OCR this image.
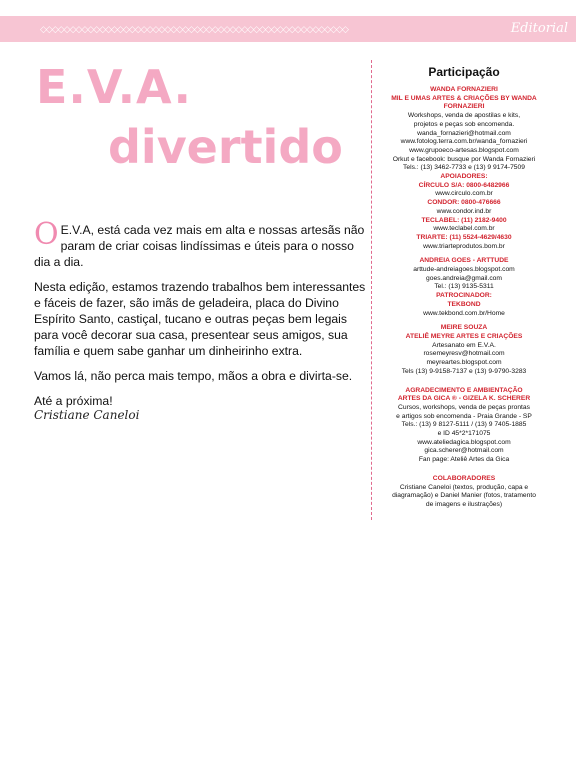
◇◇◇◇◇◇◇◇◇◇◇◇◇◇◇◇◇◇◇◇◇◇◇◇◇◇◇◇◇◇◇◇◇◇◇◇◇◇◇◇◇◇◇◇◇◇◇◇◇◇◇◇	Editorial
E.V.A.
divertido

O E.V.A, está cada vez mais em alta e nossas artesãs não param de criar coisas lindíssimas e úteis para o nosso dia a dia.

Nesta edição, estamos trazendo trabalhos bem interessantes e fáceis de fazer, são imãs de geladeira, placa do Divino Espírito Santo, castiçal, tucano e outras peças bem legais para você decorar sua casa, presentear seus amigos, sua família e quem sabe ganhar um dinheirinho extra.

Vamos lá, não perca mais tempo, mãos a obra e divirta-se.

Até a próxima!

Cristiane Caneloi
Participação
WANDA FORNAZIERI
MIL E UMAS ARTES & CRIAÇÕES BY WANDA FORNAZIERI
Workshops, venda de apostilas e kits,
projetos e peças sob encomenda.
wanda_fornazieri@hotmail.com
www.fotolog.terra.com.br/wanda_fornazieri
www.grupoeco-artesas.blogspot.com
Orkut e facebook: busque por Wanda Fornazieri
Tels.: (13) 3462-7733 e (13) 9 9174-7509
APOIADORES:
CÍRCULO S/A: 0800-6482966
www.circulo.com.br
CONDOR: 0800-476666
www.condor.ind.br
TECLABEL: (11) 2182-9400
www.teclabel.com.br
TRIARTE: (11) 5524-4629/4630
www.triarteprodutos.bom.br
ANDREIA GOES - ARTTUDE
arttude-andreiagoes.blogspot.com
goes.andreia@gmail.com
Tel.: (13) 9135-5311
PATROCINADOR:
TEKBOND
www.tekbond.com.br/Home
MEIRE SOUZA
ATELIÊ MEYRE ARTES E CRIAÇÕES
Artesanato em E.V.A.
rosemeyresv@hotmail.com
meyreartes.blogspot.com
Tels (13) 9-9158-7137 e (13) 9-9790-3283
AGRADECIMENTO E AMBIENTAÇÃO
ARTES DA GICA ® - GIZELA K. SCHERER
Cursos, workshops, venda de peças prontas
e artigos sob encomenda - Praia Grande - SP
Tels.: (13) 9 8127-5111 / (13) 9 7405-1885
e ID 45*2*171075
www.ateliedagica.blogspot.com
gica.scherer@hotmail.com
Fan page: Ateliê Artes da Gica
COLABORADORES
Cristiane Caneloi (textos, produção, capa e
diagramação) e Daniel Manier (fotos, tratamento
de imagens e ilustrações)
